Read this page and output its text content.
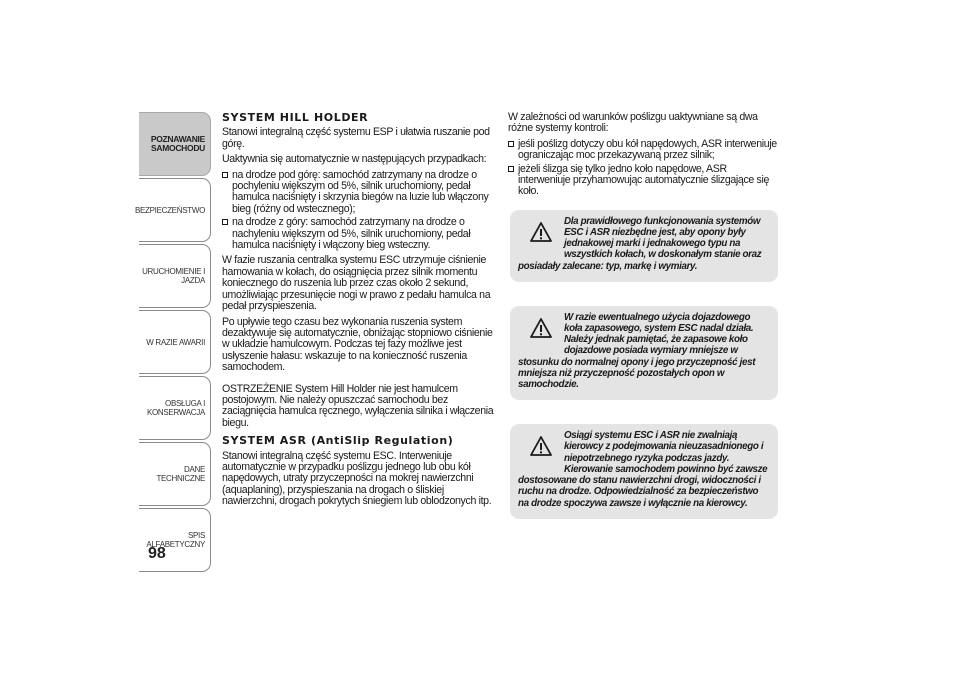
POZNAWANIE SAMOCHODU
BEZPIECZEŃSTWO
URUCHOMIENIE I JAZDA
W RAZIE AWARII
OBSŁUGA I KONSERWACJA
DANE TECHNICZNE
SPIS ALFABETYCZNY
98
SYSTEM HILL HOLDER

Stanowi integralną część systemu ESP i ułatwia ruszanie pod górę.

Uaktywnia się automatycznie w następujących przypadkach:

na drodze pod górę: samochód zatrzymany na drodze o pochyleniu większym od 5%, silnik uruchomiony, pedał hamulca naciśnięty i skrzynia biegów na luzie lub włączony bieg (różny od wstecznego);
na drodze z góry: samochód zatrzymany na drodze o nachyleniu większym od 5%, silnik uruchomiony, pedał hamulca naciśnięty i włączony bieg wsteczny.

W fazie ruszania centralka systemu ESC utrzymuje ciśnienie hamowania w kołach, do osiągnięcia przez silnik momentu koniecznego do ruszenia lub przez czas około 2 sekund, umożliwiając przesunięcie nogi w prawo z pedału hamulca na pedał przyspieszenia.

Po upływie tego czasu bez wykonania ruszenia system dezaktywuje się automatycznie, obniżając stopniowo ciśnienie w układzie hamulcowym. Podczas tej fazy możliwe jest usłyszenie hałasu: wskazuje to na konieczność ruszenia samochodem.

OSTRZEŻENIE System Hill Holder nie jest hamulcem postojowym. Nie należy opuszczać samochodu bez zaciągnięcia hamulca ręcznego, wyłączenia silnika i włączenia biegu.

SYSTEM ASR (AntiSlip Regulation)

Stanowi integralną część systemu ESC. Interweniuje automatycznie w przypadku poślizgu jednego lub obu kół napędowych, utraty przyczepności na mokrej nawierzchni (aquaplaning), przyspieszania na drogach o śliskiej nawierzchni, drogach pokrytych śniegiem lub oblodzonych itp.

W zależności od warunków poślizgu uaktywniane są dwa różne systemy kontroli:

jeśli poślizg dotyczy obu kół napędowych, ASR interweniuje ograniczając moc przekazywaną przez silnik;
jeżeli ślizga się tylko jedno koło napędowe, ASR interweniuje przyhamowując automatycznie ślizgające się koło.
Dla prawidłowego funkcjonowania systemów ESC i ASR niezbędne jest, aby opony były jednakowej marki i jednakowego typu na wszystkich kołach, w doskonałym stanie oraz posiadały zalecane: typ, markę i wymiary.
W razie ewentualnego użycia dojazdowego koła zapasowego, system ESC nadal działa. Należy jednak pamiętać, że zapasowe koło dojazdowe posiada wymiary mniejsze w stosunku do normalnej opony i jego przyczepność jest mniejsza niż przyczepność pozostałych opon w samochodzie.
Osiągi systemu ESC i ASR nie zwalniają kierowcy z podejmowania nieuzasadnionego i niepotrzebnego ryzyka podczas jazdy. Kierowanie samochodem powinno być zawsze dostosowane do stanu nawierzchni drogi, widoczności i ruchu na drodze. Odpowiedzialność za bezpieczeństwo na drodze spoczywa zawsze i wyłącznie na kierowcy.
